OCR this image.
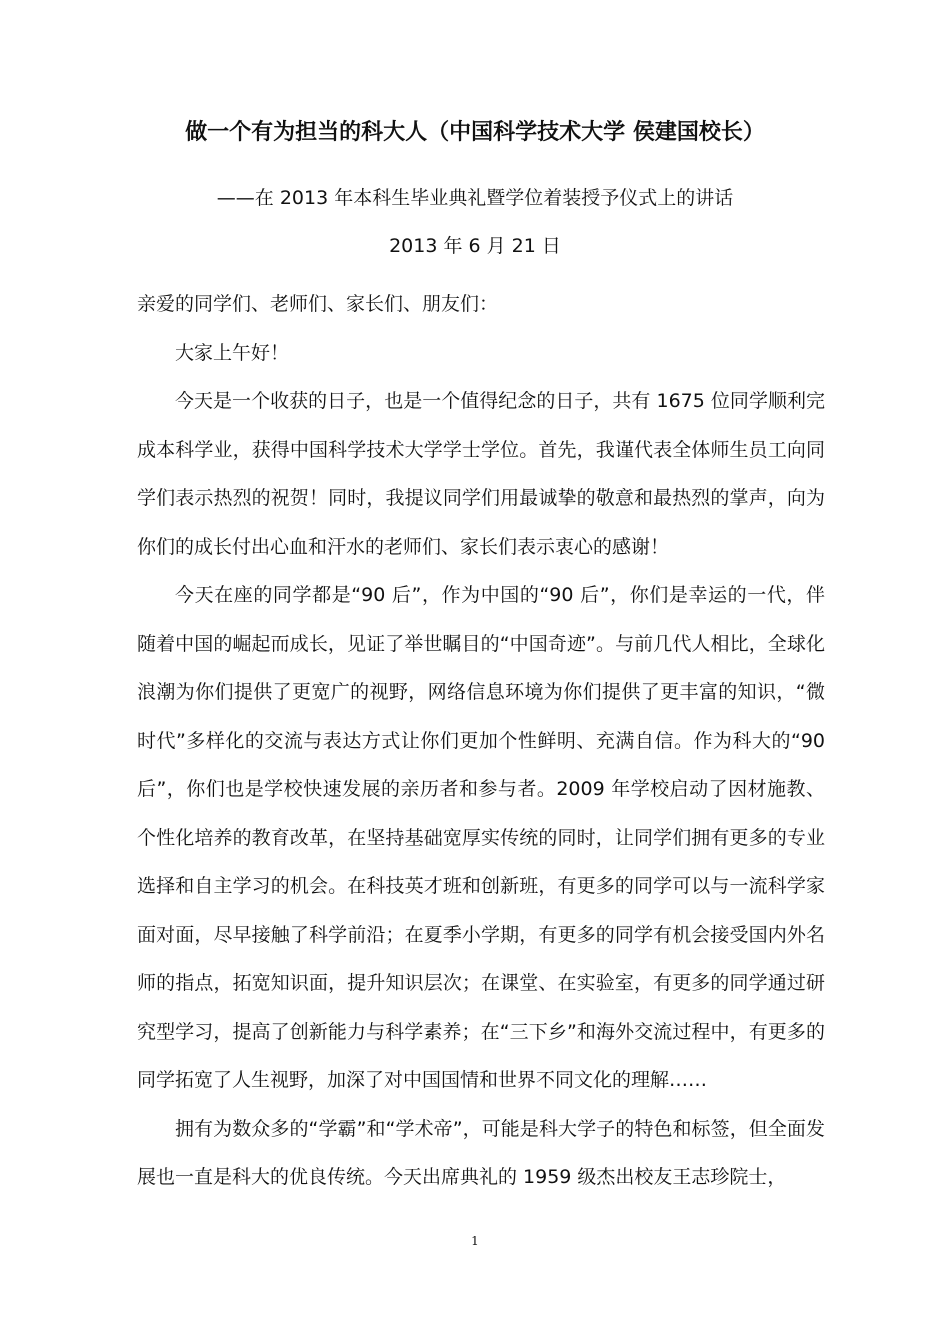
做一个有为担当的科大人（中国科学技术大学 侯建国校长）
——在 2013 年本科生毕业典礼暨学位着装授予仪式上的讲话
2013 年 6 月 21 日

亲爱的同学们、老师们、家长们、朋友们：

大家上午好！

今天是一个收获的日子，也是一个值得纪念的日子，共有 1675 位同学顺利完成本科学业，获得中国科学技术大学学士学位。首先，我谨代表全体师生员工向同学们表示热烈的祝贺！同时，我提议同学们用最诚挚的敬意和最热烈的掌声，向为你们的成长付出心血和汗水的老师们、家长们表示衷心的感谢！

今天在座的同学都是“90 后”，作为中国的“90 后”，你们是幸运的一代，伴随着中国的崛起而成长，见证了举世瞩目的“中国奇迹”。与前几代人相比，全球化浪潮为你们提供了更宽广的视野，网络信息环境为你们提供了更丰富的知识，“微时代”多样化的交流与表达方式让你们更加个性鲜明、充满自信。作为科大的“90 后”，你们也是学校快速发展的亲历者和参与者。2009 年学校启动了因材施教、个性化培养的教育改革，在坚持基础宽厚实传统的同时，让同学们拥有更多的专业选择和自主学习的机会。在科技英才班和创新班，有更多的同学可以与一流科学家面对面，尽早接触了科学前沿；在夏季小学期，有更多的同学有机会接受国内外名师的指点，拓宽知识面，提升知识层次；在课堂、在实验室，有更多的同学通过研究型学习，提高了创新能力与科学素养；在“三下乡”和海外交流过程中，有更多的同学拓宽了人生视野，加深了对中国国情和世界不同文化的理解……

拥有为数众多的“学霸”和“学术帝”，可能是科大学子的特色和标签，但全面发展也一直是科大的优良传统。今天出席典礼的 1959 级杰出校友王志珍院士，

1
